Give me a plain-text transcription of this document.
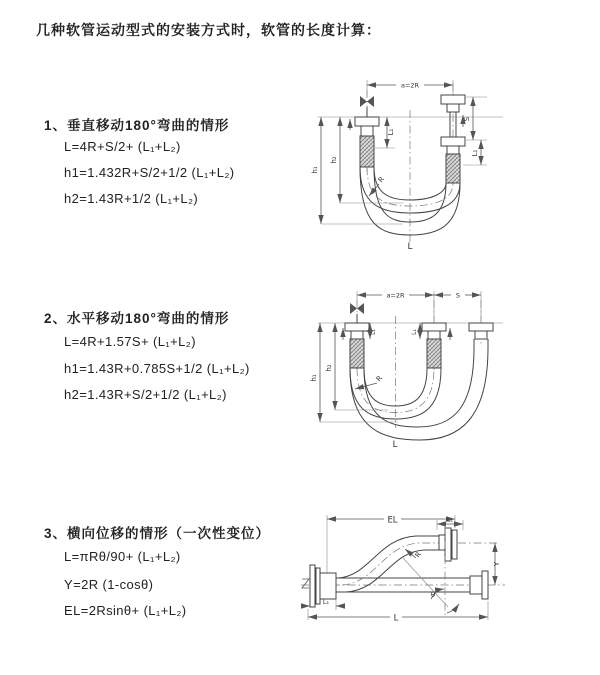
几种软管运动型式的安装方式时，软管的长度计算：
1、垂直移动180°弯曲的情形
L=4R+S/2+ (L₁+L₂)
h1=1.432R+S/2+1/2 (L₁+L₂)
h2=1.43R+1/2 (L₁+L₂)
2、水平移动180°弯曲的情形
L=4R+1.57S+ (L₁+L₂)
h1=1.43R+0.785S+1/2 (L₁+L₂)
h2=1.43R+S/2+1/2 (L₁+L₂)
3、横向位移的情形（一次性变位）
L=πRθ/90+ (L₁+L₂)
Y=2R (1-cosθ)
EL=2Rsinθ+ (L₁+L₂)
a=2R
L₁
S
L₁
R
h₂
h₁
L
a=2R	S
L₁	L₁
R
h₂
h₁
L
EL	L₁
Y
θ
R
L₁
L
